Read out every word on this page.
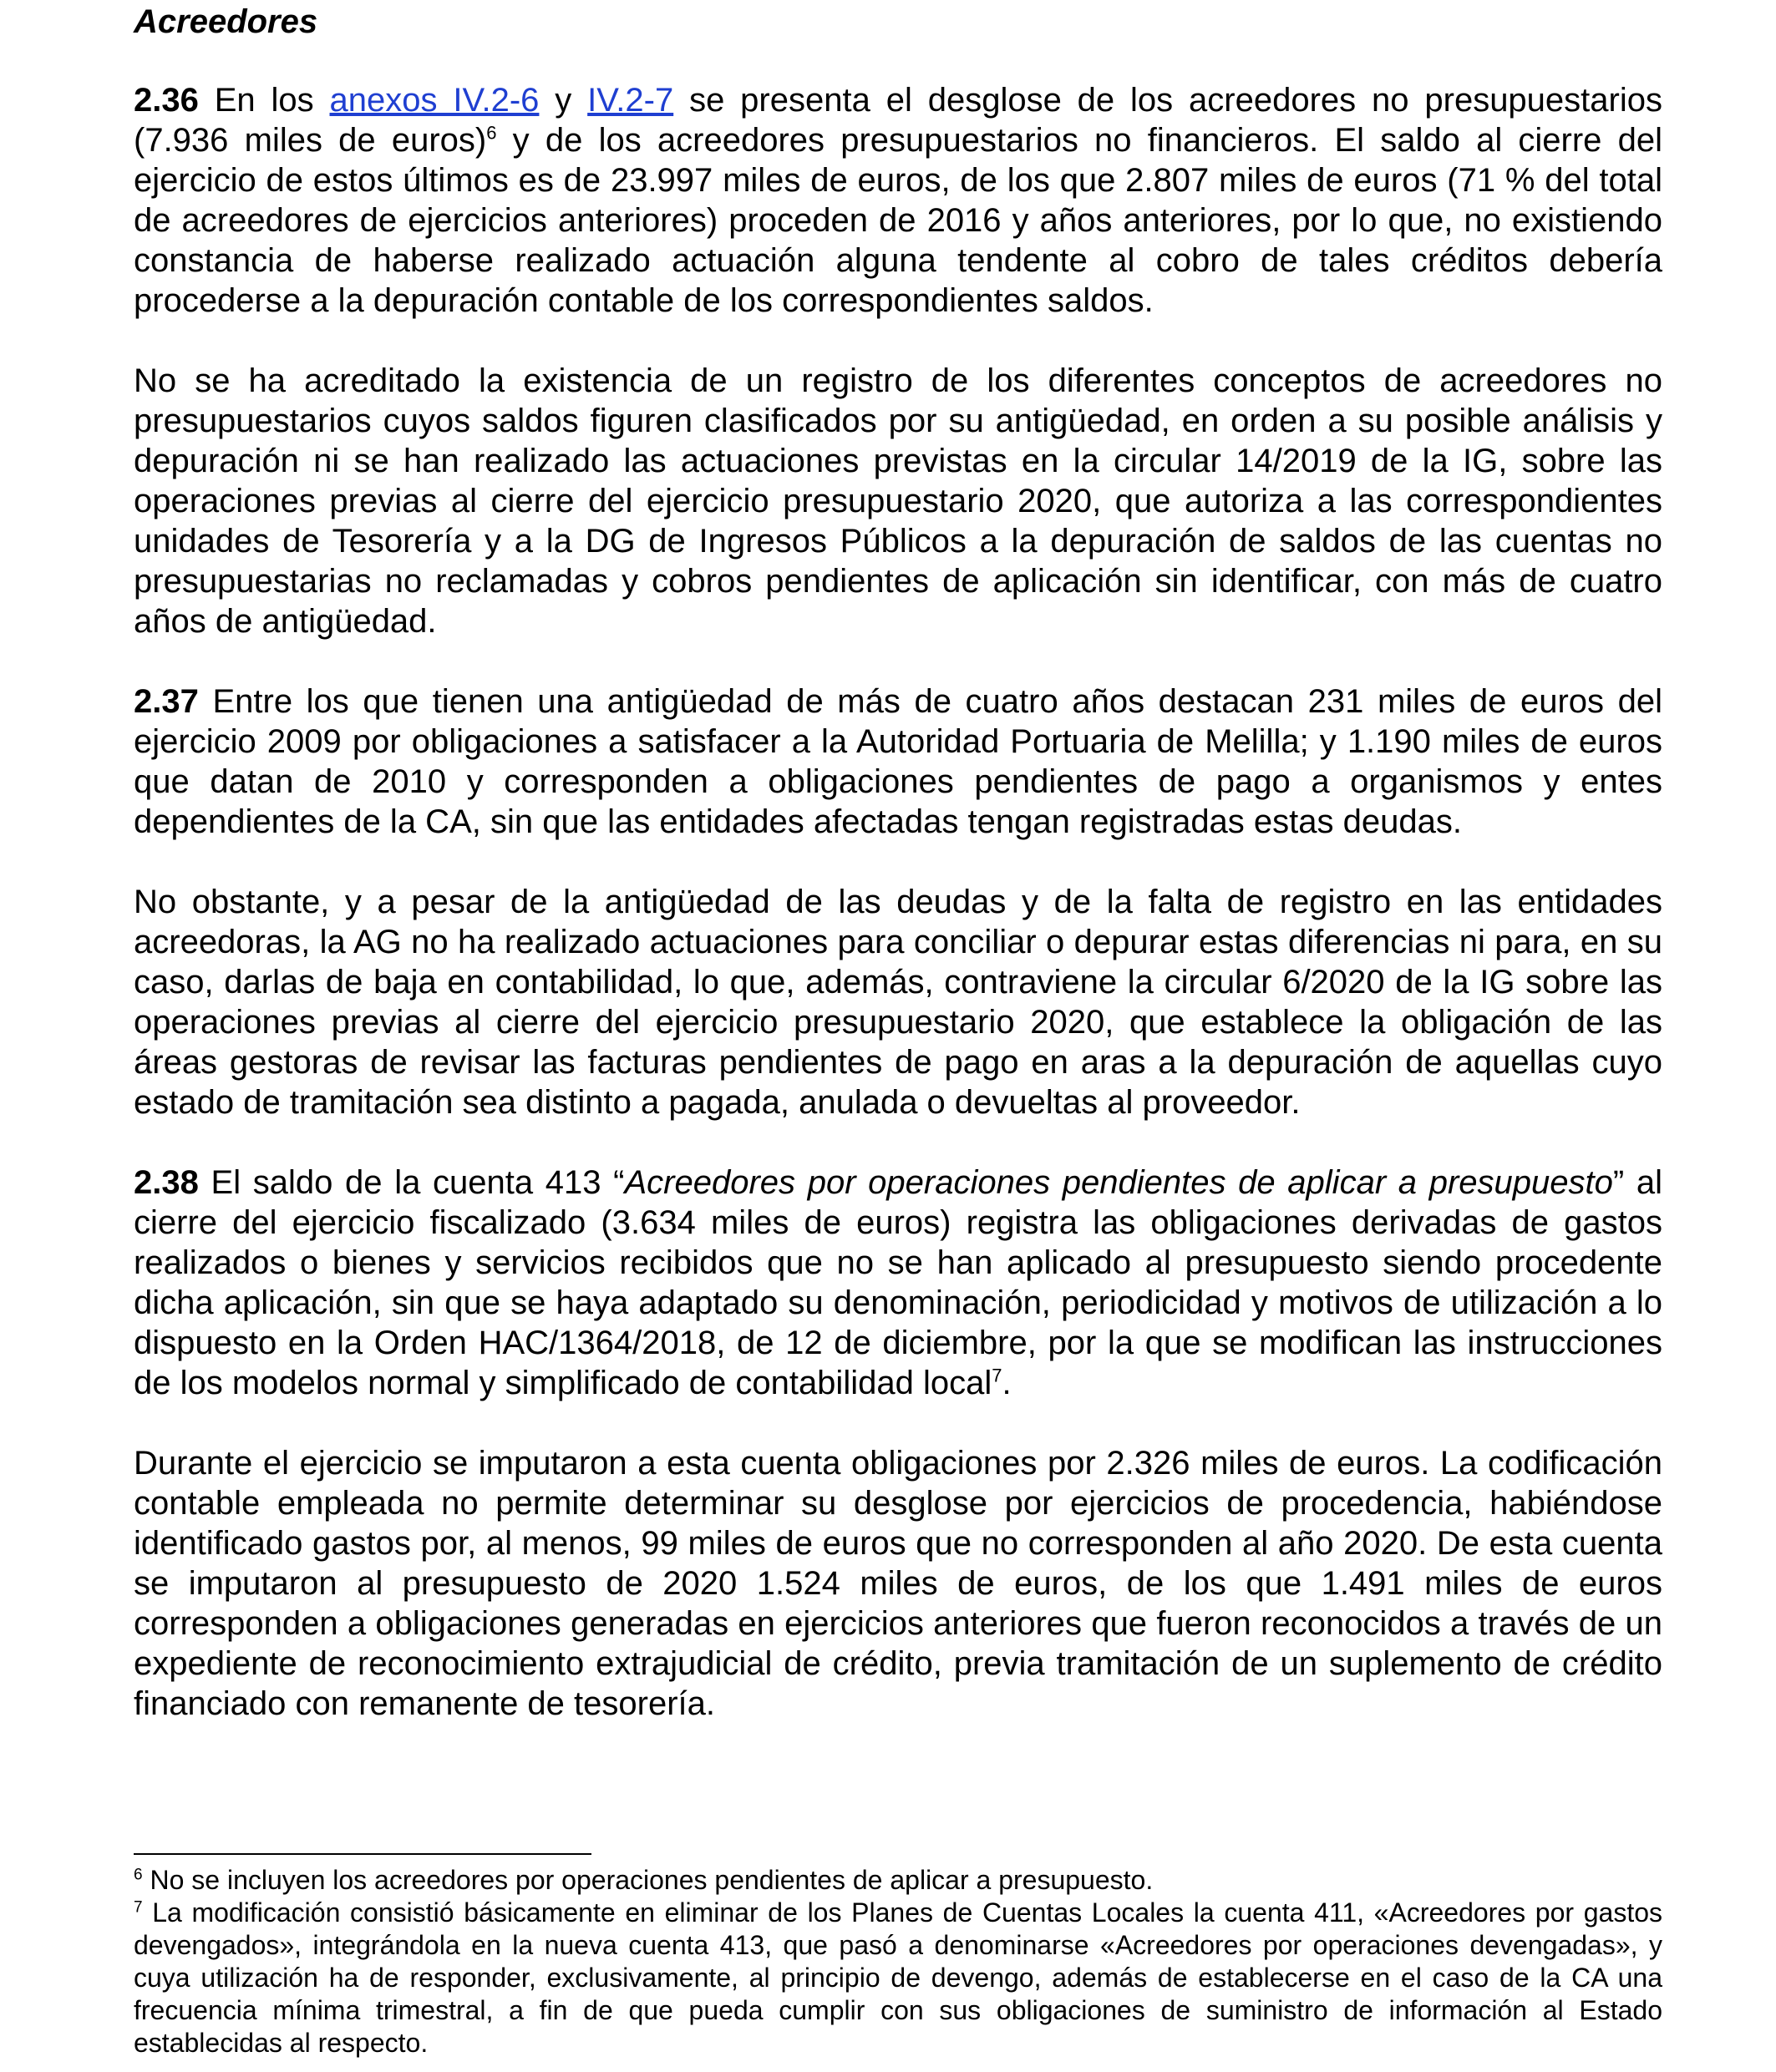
Acreedores

2.36 En los anexos IV.2-6 y IV.2-7 se presenta el desglose de los acreedores no presupuestarios (7.936 miles de euros)$^6$ y de los acreedores presupuestarios no financieros. El saldo al cierre del ejercicio de estos últimos es de 23.997 miles de euros, de los que 2.807 miles de euros (71 % del total de acreedores de ejercicios anteriores) proceden de 2016 y años anteriores, por lo que, no existiendo constancia de haberse realizado actuación alguna tendente al cobro de tales créditos debería procederse a la depuración contable de los correspondientes saldos.

No se ha acreditado la existencia de un registro de los diferentes conceptos de acreedores no presupuestarios cuyos saldos figuren clasificados por su antigüedad, en orden a su posible análisis y depuración ni se han realizado las actuaciones previstas en la circular 14/2019 de la IG, sobre las operaciones previas al cierre del ejercicio presupuestario 2020, que autoriza a las correspondientes unidades de Tesorería y a la DG de Ingresos Públicos a la depuración de saldos de las cuentas no presupuestarias no reclamadas y cobros pendientes de aplicación sin identificar, con más de cuatro años de antigüedad.

2.37 Entre los que tienen una antigüedad de más de cuatro años destacan 231 miles de euros del ejercicio 2009 por obligaciones a satisfacer a la Autoridad Portuaria de Melilla; y 1.190 miles de euros que datan de 2010 y corresponden a obligaciones pendientes de pago a organismos y entes dependientes de la CA, sin que las entidades afectadas tengan registradas estas deudas.

No obstante, y a pesar de la antigüedad de las deudas y de la falta de registro en las entidades acreedoras, la AG no ha realizado actuaciones para conciliar o depurar estas diferencias ni para, en su caso, darlas de baja en contabilidad, lo que, además, contraviene la circular 6/2020 de la IG sobre las operaciones previas al cierre del ejercicio presupuestario 2020, que establece la obligación de las áreas gestoras de revisar las facturas pendientes de pago en aras a la depuración de aquellas cuyo estado de tramitación sea distinto a pagada, anulada o devueltas al proveedor.

2.38 El saldo de la cuenta 413 “Acreedores por operaciones pendientes de aplicar a presupuesto” al cierre del ejercicio fiscalizado (3.634 miles de euros) registra las obligaciones derivadas de gastos realizados o bienes y servicios recibidos que no se han aplicado al presupuesto siendo procedente dicha aplicación, sin que se haya adaptado su denominación, periodicidad y motivos de utilización a lo dispuesto en la Orden HAC/1364/2018, de 12 de diciembre, por la que se modifican las instrucciones de los modelos normal y simplificado de contabilidad local$^7$.

Durante el ejercicio se imputaron a esta cuenta obligaciones por 2.326 miles de euros. La codificación contable empleada no permite determinar su desglose por ejercicios de procedencia, habiéndose identificado gastos por, al menos, 99 miles de euros que no corresponden al año 2020. De esta cuenta se imputaron al presupuesto de 2020 1.524 miles de euros, de los que 1.491 miles de euros corresponden a obligaciones generadas en ejercicios anteriores que fueron reconocidos a través de un expediente de reconocimiento extrajudicial de crédito, previa tramitación de un suplemento de crédito financiado con remanente de tesorería.

$^6$ No se incluyen los acreedores por operaciones pendientes de aplicar a presupuesto.

$^7$ La modificación consistió básicamente en eliminar de los Planes de Cuentas Locales la cuenta 411, «Acreedores por gastos devengados», integrándola en la nueva cuenta 413, que pasó a denominarse «Acreedores por operaciones devengadas», y cuya utilización ha de responder, exclusivamente, al principio de devengo, además de establecerse en el caso de la CA una frecuencia mínima trimestral, a fin de que pueda cumplir con sus obligaciones de suministro de información al Estado establecidas al respecto.
